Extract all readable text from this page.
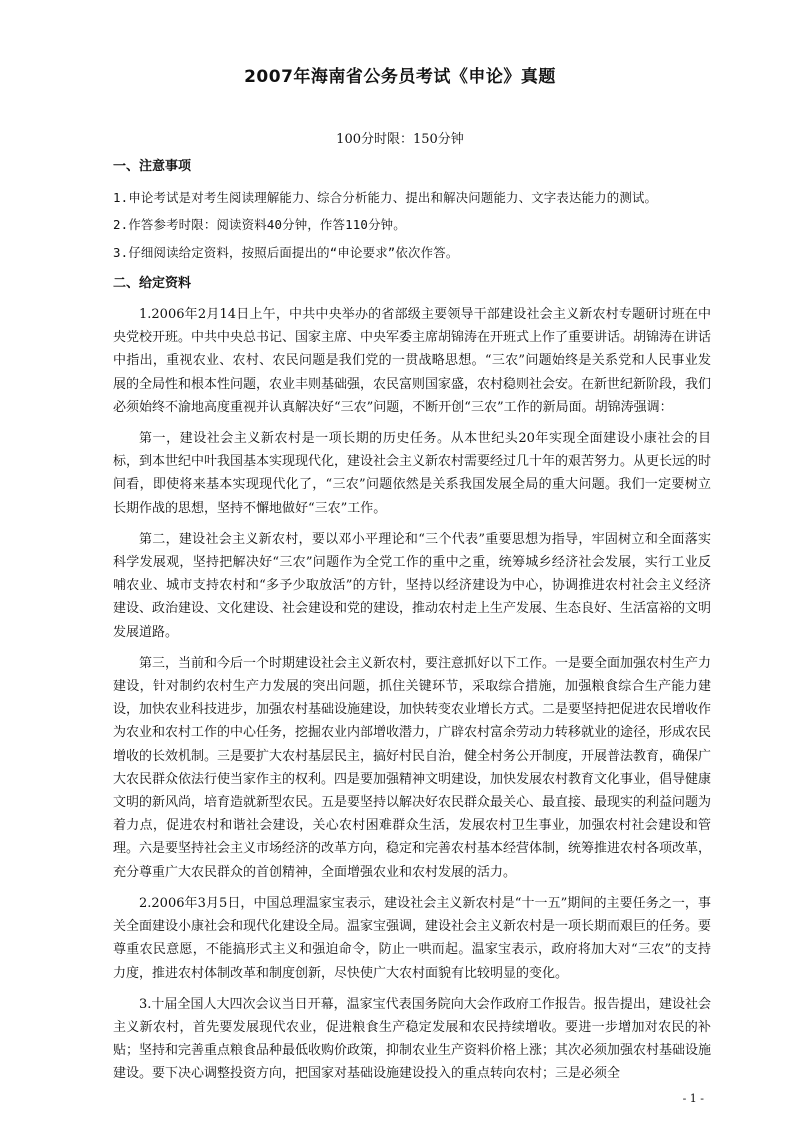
2007年海南省公务员考试《申论》真题
100分时限：150分钟

一、注意事项

1.申论考试是对考生阅读理解能力、综合分析能力、提出和解决问题能力、文字表达能力的测试。

2.作答参考时限：阅读资料40分钟，作答110分钟。

3.仔细阅读给定资料，按照后面提出的“申论要求”依次作答。

二、给定资料

1.2006年2月14日上午，中共中央举办的省部级主要领导干部建设社会主义新农村专题研讨班在中央党校开班。中共中央总书记、国家主席、中央军委主席胡锦涛在开班式上作了重要讲话。胡锦涛在讲话中指出，重视农业、农村、农民问题是我们党的一贯战略思想。“三农”问题始终是关系党和人民事业发展的全局性和根本性问题，农业丰则基础强，农民富则国家盛，农村稳则社会安。在新世纪新阶段，我们必须始终不渝地高度重视并认真解决好“三农”问题，不断开创“三农”工作的新局面。胡锦涛强调：

第一，建设社会主义新农村是一项长期的历史任务。从本世纪头20年实现全面建设小康社会的目标，到本世纪中叶我国基本实现现代化，建设社会主义新农村需要经过几十年的艰苦努力。从更长远的时间看，即使将来基本实现现代化了，“三农”问题依然是关系我国发展全局的重大问题。我们一定要树立长期作战的思想，坚持不懈地做好“三农”工作。

第二，建设社会主义新农村，要以邓小平理论和“三个代表”重要思想为指导，牢固树立和全面落实科学发展观，坚持把解决好“三农”问题作为全党工作的重中之重，统筹城乡经济社会发展，实行工业反哺农业、城市支持农村和“多予少取放活”的方针，坚持以经济建设为中心，协调推进农村社会主义经济建设、政治建设、文化建设、社会建设和党的建设，推动农村走上生产发展、生态良好、生活富裕的文明发展道路。

第三，当前和今后一个时期建设社会主义新农村，要注意抓好以下工作。一是要全面加强农村生产力建设，针对制约农村生产力发展的突出问题，抓住关键环节，采取综合措施，加强粮食综合生产能力建设，加快农业科技进步，加强农村基础设施建设，加快转变农业增长方式。二是要坚持把促进农民增收作为农业和农村工作的中心任务，挖掘农业内部增收潜力，广辟农村富余劳动力转移就业的途径，形成农民增收的长效机制。三是要扩大农村基层民主，搞好村民自治，健全村务公开制度，开展普法教育，确保广大农民群众依法行使当家作主的权利。四是要加强精神文明建设，加快发展农村教育文化事业，倡导健康文明的新风尚，培育造就新型农民。五是要坚持以解决好农民群众最关心、最直接、最现实的利益问题为着力点，促进农村和谐社会建设，关心农村困难群众生活，发展农村卫生事业，加强农村社会建设和管理。六是要坚持社会主义市场经济的改革方向，稳定和完善农村基本经营体制，统筹推进农村各项改革，充分尊重广大农民群众的首创精神，全面增强农业和农村发展的活力。

2.2006年3月5日，中国总理温家宝表示，建设社会主义新农村是“十一五”期间的主要任务之一，事关全面建设小康社会和现代化建设全局。温家宝强调，建设社会主义新农村是一项长期而艰巨的任务。要尊重农民意愿，不能搞形式主义和强迫命令，防止一哄而起。温家宝表示，政府将加大对“三农”的支持力度，推进农村体制改革和制度创新，尽快使广大农村面貌有比较明显的变化。

3.十届全国人大四次会议当日开幕，温家宝代表国务院向大会作政府工作报告。报告提出，建设社会主义新农村，首先要发展现代农业，促进粮食生产稳定发展和农民持续增收。要进一步增加对农民的补贴；坚持和完善重点粮食品种最低收购价政策，抑制农业生产资料价格上涨；其次必须加强农村基础设施建设。要下决心调整投资方向，把国家对基础设施建设投入的重点转向农村；三是必须全

- 1 -
